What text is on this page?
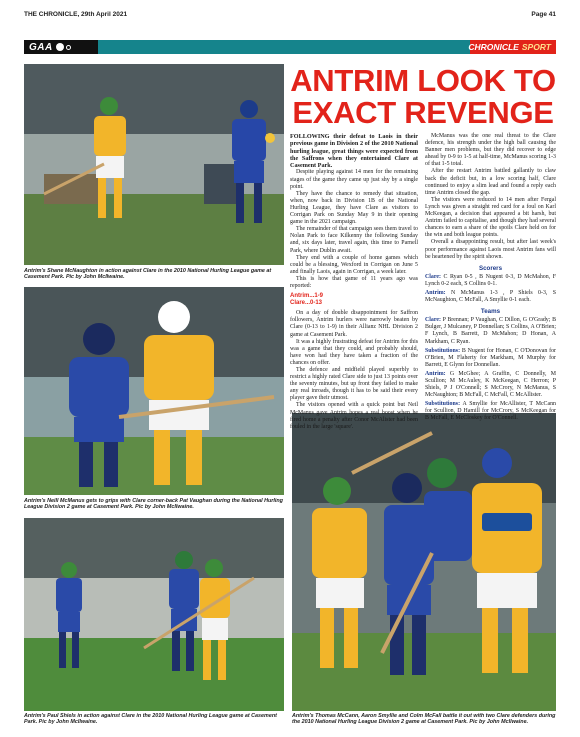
THE CHRONICLE, 29th April 2021	Page 41
GAA	CHRONICLE SPORT
Antrim's Shane McNaughton in action against Clare in the 2010 National Hurling League game at Casement Park. Pic by John McIlwaine.
Antrim's Neill McManus gets to grips with Clare corner-back Pat Vaughan during the National Hurling League Division 2 game at Casement Park. Pic by John McIlwaine.
Antrim's Paul Shiels in action against Clare in the 2010 National Hurling League game at Casement Park. Pic by John McIlwaine.
Antrim's Thomas McCann, Aaron Smyllie and Colm McFall battle it out with two Clare defenders during the 2010 National Hurling League Division 2 game at Casement Park. Pic by John McIlwaine.
ANTRIM LOOK TO
EXACT REVENGE

FOLLOWING their defeat to Laois in their previous game in Division 2 of the 2010 National hurling league, great things were expected from the Saffrons when they entertained Clare at Casement Park.

Despite playing against 14 men for the remaining stages of the game they came up just shy by a single point.

They have the chance to remedy that situation, when, now back in Division 1B of the National Hurling League, they have Clare as visitors to Corrigan Park on Sunday May 9 in their opening game in the 2021 campaign.

The remainder of that campaign sees them travel to Nolan Park to face Kilkenny the following Sunday and, six days later, travel again, this time to Parnell Park, where Dublin await.

They end with a couple of home games which could be a blessing, Wexford in Corrigan on June 5 and finally Laois, again in Corrigan, a week later.

This is how that game of 11 years ago was reported:

Antrim...1-9

Clare...0-13

On a day of double disappointment for Saffron followers, Antrim hurlers were narrowly beaten by Clare (0-13 to 1-9) in their Allianz NHL Division 2 game at Casement Park.

It was a highly frustrating defeat for Antrim for this was a game that they could, and probably should, have won had they have taken a fraction of the chances on offer.

The defence and midfield played superbly to restrict a highly rated Clare side to just 13 points over the seventy minutes, but up front they failed to make any real inroads, though it has to be said their every player gave their utmost.

The visitors opened with a quick point but Neil McManus gave Antrim hopes a real boost when he fired home a penalty after Conor McAlister had been fouled in the large 'square'.

McManus was the one real threat to the Clare defence, his strength under the high ball causing the Banner men problems, but they did recover to edge ahead by 0-9 to 1-5 at half-time, McManus scoring 1-3 of that 1-5 total.

After the restart Antrim battled gallantly to claw back the deficit but, in a low scoring half, Clare continued to enjoy a slim lead and found a reply each time Antrim closed the gap.

The visitors were reduced to 14 men after Fergal Lynch was given a straight red card for a foul on Karl McKeegan, a decision that appeared a bit harsh, but Antrim failed to capitalise, and though they had several chances to earn a share of the spoils Clare held on for the win and both league points.

Overall a disappointing result, but after last week's poor performance against Laois most Antrim fans will be heartened by the spirit shown.

Scorers

Clare: C Ryan 0-5 , B Nugent 0-3, D McMahon, F Lynch 0-2 each, S Collins 0-1.

Antrim: N McManus 1-3 , P Shiels 0-3, S McNaughton, C McFall, A Smyllie 0-1 each.

Teams

Clare: P Brennan; P Vaughan, C Dillon, G O'Grady; B Bulger, J Mulcaney, P Donnellan; S Collins, A O'Brien; F Lynch, B Barrett, D McMahon; D Honan, A Markham, C Ryan.

Substitutions: B Nugent for Honan, C O'Donovan for O'Brien, M Flaherty for Markham, M Murphy for Barrett, E Glynn for Donnellan.

Antrim: G McGhee; A Graffin, C Donnelly, M Scullion; M McAuley, K McKeegan, C Herron; P Shiels, P J O'Connell; S McCrory, N McManus, S McNaughton; B McFall, C McFall, C McAllister.

Substitutions: A Smyllie for McAllister, T McCann for Scullion, D Hamill for McCrory, S McKeegan for B McFall, E McCloskey for O'Connell.
